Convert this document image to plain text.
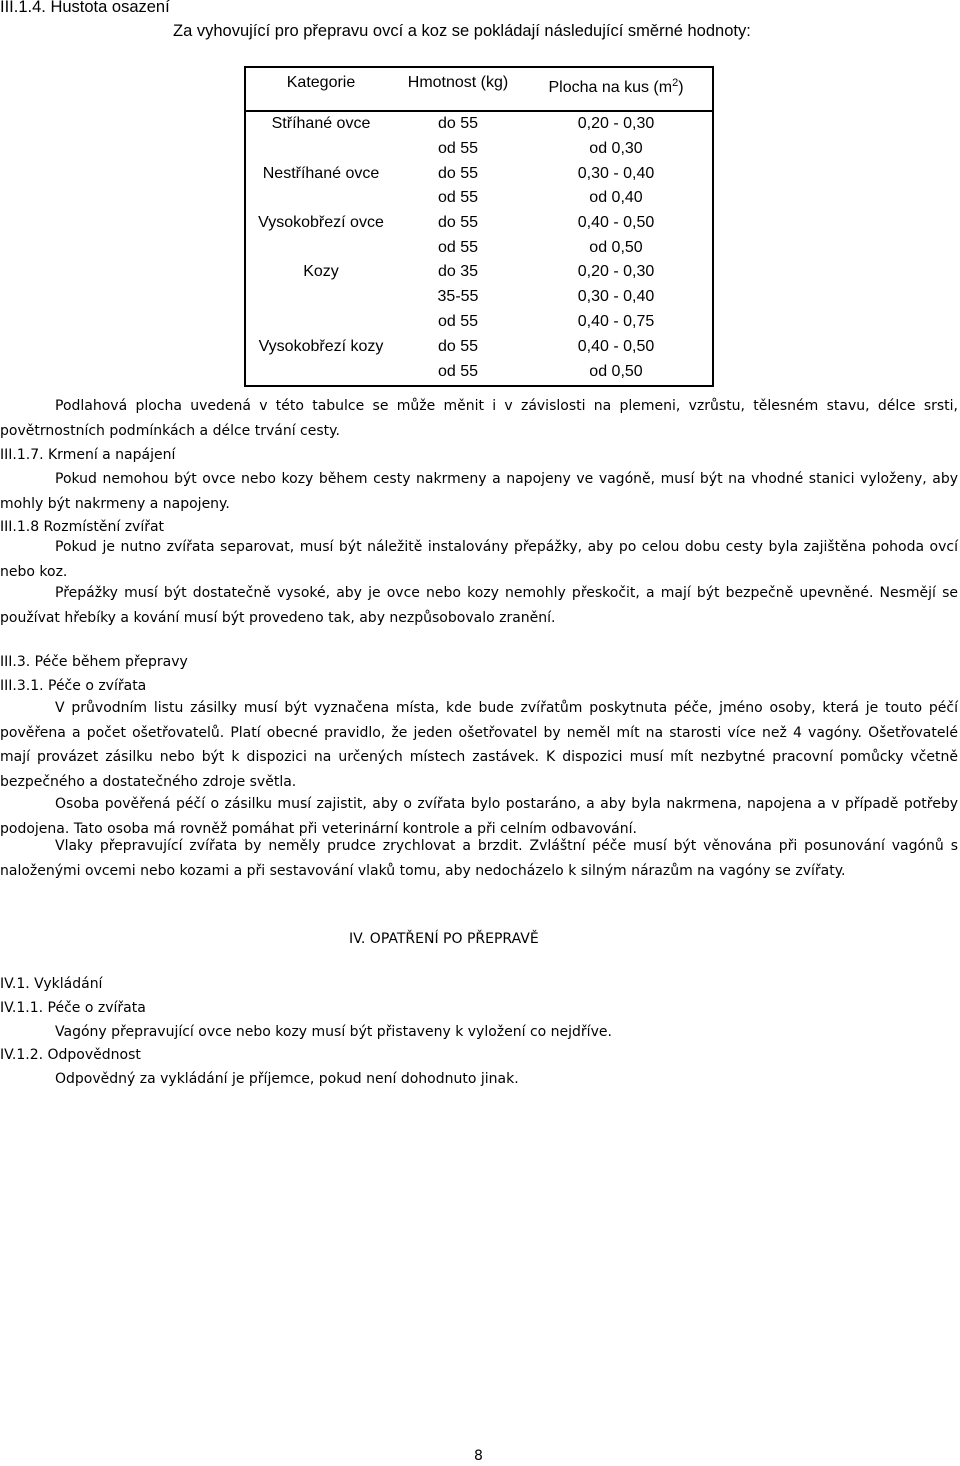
III.1.4. Hustota osazení
Za vyhovující pro přepravu ovcí a koz se pokládají následující směrné hodnoty:
Kategorie	Hmotnost (kg)	Plocha na kus $(m^2)$
Stříhané ovce	do 55	0,20 - 0,30
	od 55	od 0,30
Nestříhané ovce	do 55	0,30 - 0,40
	od 55	od 0,40
Vysokobřezí ovce	do 55	0,40 - 0,50
	od 55	od 0,50
Kozy	do 35	0,20 - 0,30
	35-55	0,30 - 0,40
	od 55	0,40 - 0,75
Vysokobřezí kozy	do 55	0,40 - 0,50
	od 55	od 0,50

Podlahová plocha uvedená v této tabulce se může měnit i v závislosti na plemeni, vzrůstu, tělesném stavu, délce srsti, povětrnostních podmínkách a délce trvání cesty.

III.1.7. Krmení a napájení

Pokud nemohou být ovce nebo kozy během cesty nakrmeny a napojeny ve vagóně, musí být na vhodné stanici vyloženy, aby mohly být nakrmeny a napojeny.

III.1.8 Rozmístění zvířat

Pokud je nutno zvířata separovat, musí být náležitě instalovány přepážky, aby po celou dobu cesty byla zajištěna pohoda ovcí nebo koz.

Přepážky musí být dostatečně vysoké, aby je ovce nebo kozy nemohly přeskočit, a mají být bezpečně upevněné. Nesmějí se používat hřebíky a kování musí být provedeno tak, aby nezpůsobovalo zranění.

III.3. Péče během přepravy
III.3.1. Péče o zvířata

V průvodním listu zásilky musí být vyznačena místa, kde bude zvířatům poskytnuta péče, jméno osoby, která je touto péčí pověřena a počet ošetřovatelů. Platí obecné pravidlo, že jeden ošetřovatel by neměl mít na starosti více než 4 vagóny. Ošetřovatelé mají provázet zásilku nebo být k dispozici na určených místech zastávek. K dispozici musí mít nezbytné pracovní pomůcky včetně bezpečného a dostatečného zdroje světla.

Osoba pověřená péčí o zásilku musí zajistit, aby o zvířata bylo postaráno, a aby byla nakrmena, napojena a v případě potřeby podojena. Tato osoba má rovněž pomáhat při veterinární kontrole a při celním odbavování.

Vlaky přepravující zvířata by neměly prudce zrychlovat a brzdit. Zvláštní péče musí být věnována při posunování vagónů s naloženými ovcemi nebo kozami a při sestavování vlaků tomu, aby nedocházelo k silným nárazům na vagóny se zvířaty.

IV. OPATŘENÍ PO PŘEPRAVĚ
IV.1. Vykládání
IV.1.1. Péče o zvířata
Vagóny přepravující ovce nebo kozy musí být přistaveny k vyložení co nejdříve.
IV.1.2. Odpovědnost
Odpovědný za vykládání je příjemce, pokud není dohodnuto jinak.
8
